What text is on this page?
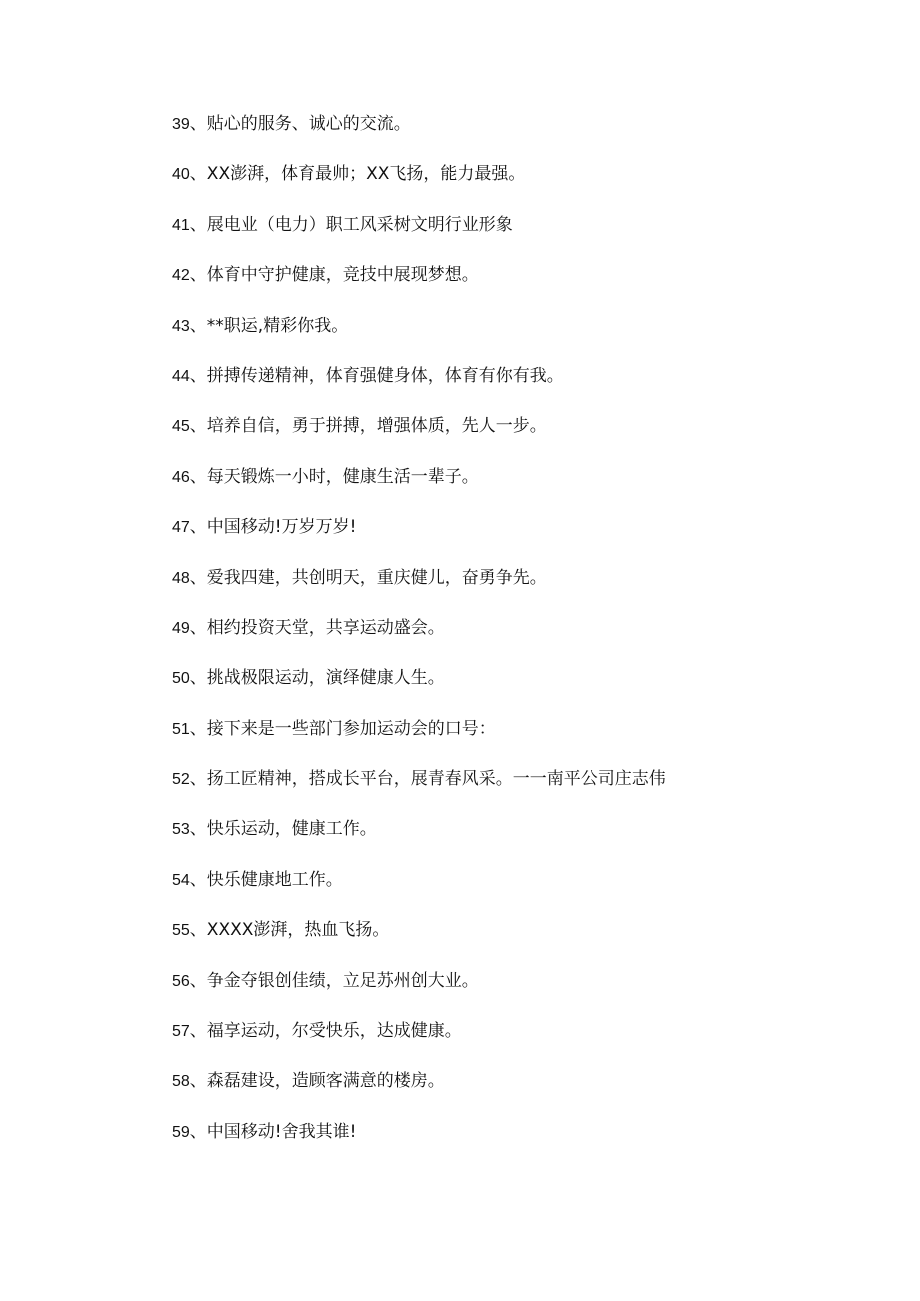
39、贴心的服务、诚心的交流。
40、XX澎湃，体育最帅；XX飞扬，能力最强。
41、展电业（电力）职工风采树文明行业形象
42、体育中守护健康，竞技中展现梦想。
43、**职运,精彩你我。
44、拼搏传递精神，体育强健身体，体育有你有我。
45、培养自信，勇于拼搏，增强体质，先人一步。
46、每天锻炼一小时，健康生活一辈子。
47、中国移动!万岁万岁!
48、爱我四建，共创明天，重庆健儿，奋勇争先。
49、相约投资天堂，共享运动盛会。
50、挑战极限运动，演绎健康人生。
51、接下来是一些部门参加运动会的口号：
52、扬工匠精神，搭成长平台，展青春风采。一一南平公司庄志伟
53、快乐运动，健康工作。
54、快乐健康地工作。
55、XXXX澎湃，热血飞扬。
56、争金夺银创佳绩，立足苏州创大业。
57、福享运动，尔受快乐，达成健康。
58、森磊建设，造顾客满意的楼房。
59、中国移动!舍我其谁!
